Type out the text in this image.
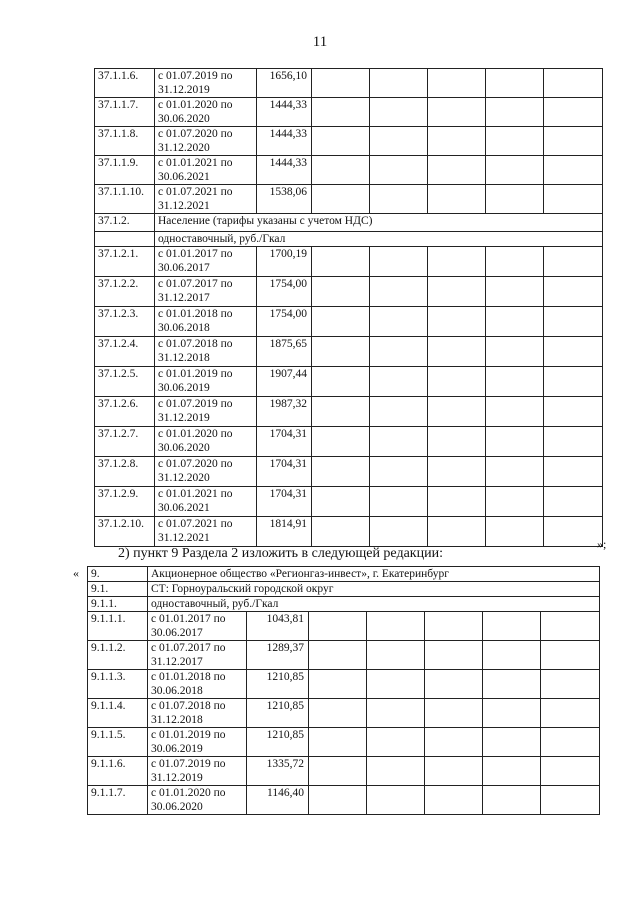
11
37.1.1.6.	с 01.07.2019 по 31.12.2019	1656,10					
37.1.1.7.	с 01.01.2020 по 30.06.2020	1444,33					
37.1.1.8.	с 01.07.2020 по 31.12.2020	1444,33					
37.1.1.9.	с 01.01.2021 по 30.06.2021	1444,33					
37.1.1.10.	с 01.07.2021 по 31.12.2021	1538,06					
37.1.2.	Население (тарифы указаны с учетом НДС)						
	одноставочный, руб./Гкал						
37.1.2.1.	с 01.01.2017 по 30.06.2017	1700,19					
37.1.2.2.	с 01.07.2017 по 31.12.2017	1754,00					
37.1.2.3.	с 01.01.2018 по 30.06.2018	1754,00					
37.1.2.4.	с 01.07.2018 по 31.12.2018	1875,65					
37.1.2.5.	с 01.01.2019 по 30.06.2019	1907,44					
37.1.2.6.	с 01.07.2019 по 31.12.2019	1987,32					
37.1.2.7.	с 01.01.2020 по 30.06.2020	1704,31					
37.1.2.8.	с 01.07.2020 по 31.12.2020	1704,31					
37.1.2.9.	с 01.01.2021 по 30.06.2021	1704,31					
37.1.2.10.	с 01.07.2021 по 31.12.2021	1814,91					
»;
2) пункт 9 Раздела 2 изложить в следующей редакции:
« 9.	Акционерное общество «Регионгаз-инвест», г. Екатеринбург						
9.1.	СТ: Горноуральский городской округ						
9.1.1.	одноставочный, руб./Гкал						
9.1.1.1.	с 01.01.2017 по 30.06.2017	1043,81					
9.1.1.2.	с 01.07.2017 по 31.12.2017	1289,37					
9.1.1.3.	с 01.01.2018 по 30.06.2018	1210,85					
9.1.1.4.	с 01.07.2018 по 31.12.2018	1210,85					
9.1.1.5.	с 01.01.2019 по 30.06.2019	1210,85					
9.1.1.6.	с 01.07.2019 по 31.12.2019	1335,72					
9.1.1.7.	с 01.01.2020 по 30.06.2020	1146,40					
